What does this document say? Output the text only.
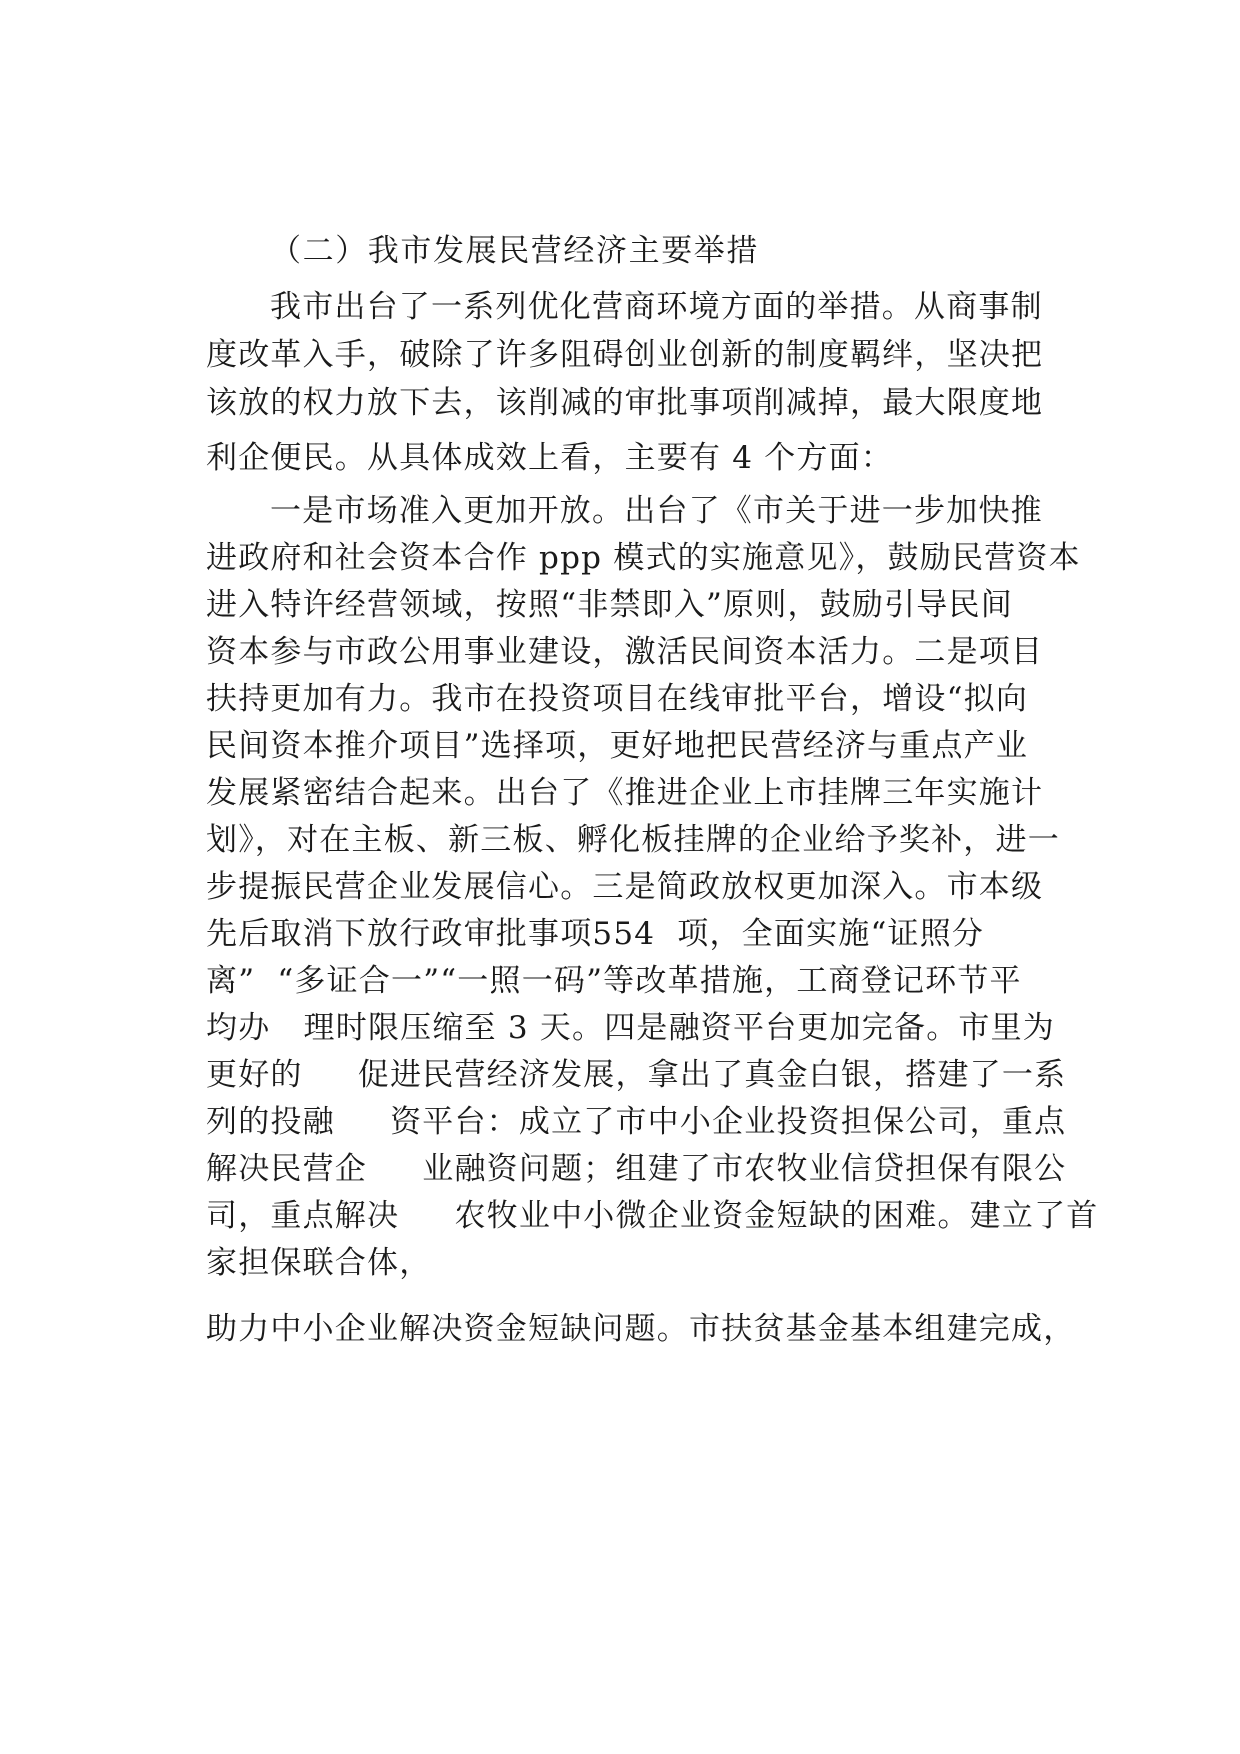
（二）我市发展民营经济主要举措
我市出台了一系列优化营商环境方面的举措。从商事制
度改革入手，破除了许多阻碍创业创新的制度羁绊，坚决把
该放的权力放下去，该削减的审批事项削减掉，最大限度地
利企便民。从具体成效上看，主要有 4 个方面：
一是市场准入更加开放。出台了《市关于进一步加快推
进政府和社会资本合作 ppp 模式的实施意见》，鼓励民营资本
进入特许经营领域，按照“非禁即入”原则，鼓励引导民间
资本参与市政公用事业建设，激活民间资本活力。二是项目
扶持更加有力。我市在投资项目在线审批平台，增设“拟向
民间资本推介项目”选择项，更好地把民营经济与重点产业
发展紧密结合起来。出台了《推进企业上市挂牌三年实施计
划》，对在主板、新三板、孵化板挂牌的企业给予奖补，进一
步提振民营企业发展信心。三是简政放权更加深入。市本级
先后取消下放行政审批事项554  项，全面实施“证照分
离”  “多证合一”“一照一码”等改革措施，工商登记环节平
均办   理时限压缩至 3 天。四是融资平台更加完备。市里为
更好的     促进民营经济发展，拿出了真金白银，搭建了一系
列的投融     资平台：成立了市中小企业投资担保公司，重点
解决民营企     业融资问题；组建了市农牧业信贷担保有限公
司，重点解决     农牧业中小微企业资金短缺的困难。建立了首
家担保联合体，
助力中小企业解决资金短缺问题。市扶贫基金基本组建完成，
